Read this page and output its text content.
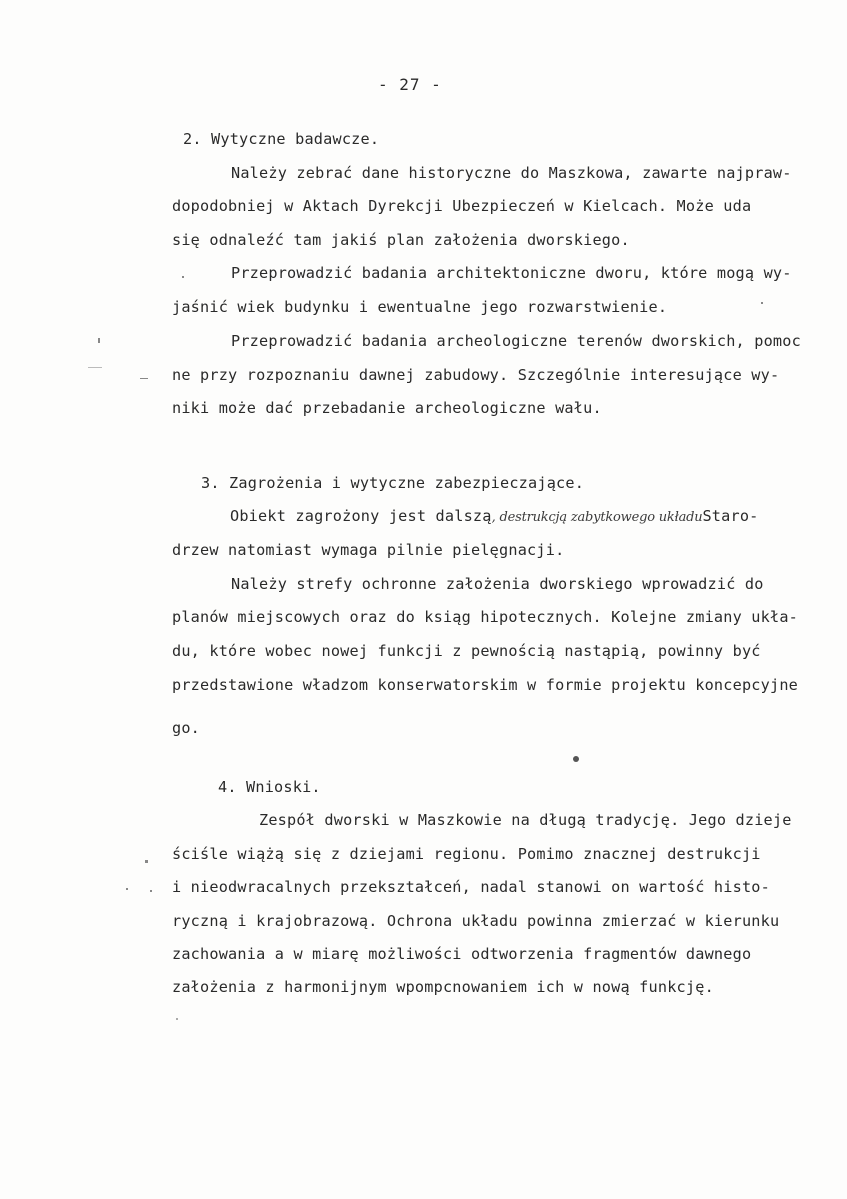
- 27 -
2. Wytyczne badawcze.
Należy zebrać dane historyczne do Maszkowa, zawarte najpraw-
dopodobniej w Aktach Dyrekcji Ubezpieczeń w Kielcach. Może uda
się odnaleźć tam jakiś plan założenia dworskiego.
Przeprowadzić badania architektoniczne dworu, które mogą wy-
jaśnić wiek budynku i ewentualne jego rozwarstwienie.
Przeprowadzić badania archeologiczne terenów dworskich, pomoc
ne przy rozpoznaniu dawnej zabudowy. Szczególnie interesujące wy-
niki może dać przebadanie archeologiczne wału.
3. Zagrożenia i wytyczne zabezpieczające.
Obiekt zagrożony jest dalszą, destrukcją zabytkowego układuStaro-
drzew natomiast wymaga pilnie pielęgnacji.
Należy strefy ochronne założenia dworskiego wprowadzić do
planów miejscowych oraz do ksiąg hipotecznych. Kolejne zmiany ukła-
du, które wobec nowej funkcji z pewnością nastąpią, powinny być
przedstawione władzom konserwatorskim w formie projektu koncepcyjne
go.
4. Wnioski.
Zespół dworski w Maszkowie na długą tradycję. Jego dzieje
ściśle wiążą się z dziejami regionu. Pomimo znacznej destrukcji
i nieodwracalnych przekształceń, nadal stanowi on wartość histo-
ryczną i krajobrazową. Ochrona układu powinna zmierzać w kierunku
zachowania a w miarę możliwości odtworzenia fragmentów dawnego
założenia z harmonijnym wpompcnowaniem ich w nową funkcję.
